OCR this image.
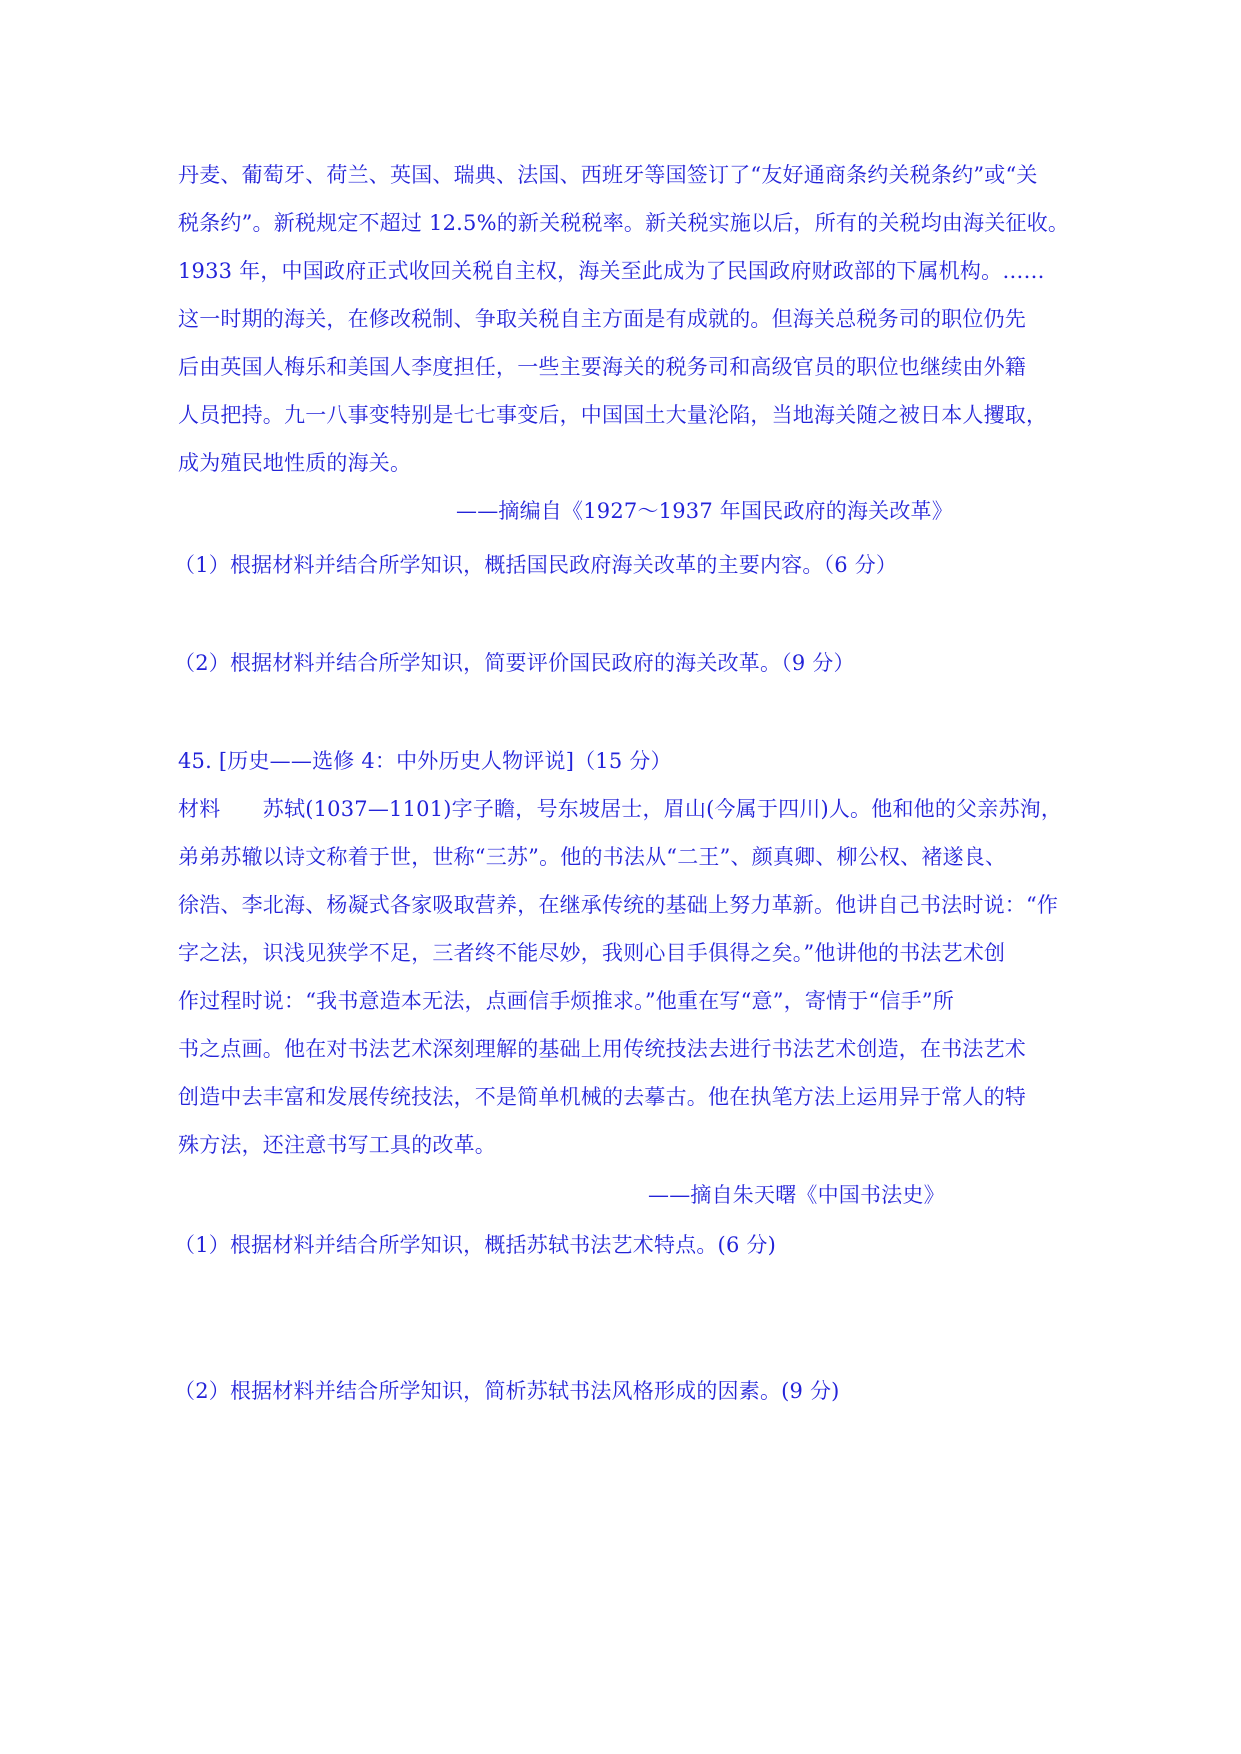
丹麦、葡萄牙、荷兰、英国、瑞典、法国、西班牙等国签订了“友好通商条约关税条约”或“关
税条约”。新税规定不超过 12.5%的新关税税率。新关税实施以后，所有的关税均由海关征收。
1933 年，中国政府正式收回关税自主权，海关至此成为了民国政府财政部的下属机构。……
这一时期的海关，在修改税制、争取关税自主方面是有成就的。但海关总税务司的职位仍先
后由英国人梅乐和美国人李度担任，一些主要海关的税务司和高级官员的职位也继续由外籍
人员把持。九一八事变特别是七七事变后，中国国土大量沦陷，当地海关随之被日本人攫取，
成为殖民地性质的海关。
——摘编自《1927～1937 年国民政府的海关改革》
（1）根据材料并结合所学知识，概括国民政府海关改革的主要内容。（6 分）
（2）根据材料并结合所学知识，简要评价国民政府的海关改革。（9 分）
45. [历史——选修 4：中外历史人物评说]（15 分）
材料　　苏轼(1037—1101)字子瞻，号东坡居士，眉山(今属于四川)人。他和他的父亲苏洵，
弟弟苏辙以诗文称着于世，世称“三苏”。他的书法从“二王”、颜真卿、柳公权、褚遂良、
徐浩、李北海、杨凝式各家吸取营养，在继承传统的基础上努力革新。他讲自己书法时说：“作
字之法，识浅见狭学不足，三者终不能尽妙，我则心目手俱得之矣。”他讲他的书法艺术创
作过程时说：“我书意造本无法，点画信手烦推求。”他重在写“意”，寄情于“信手”所
书之点画。他在对书法艺术深刻理解的基础上用传统技法去进行书法艺术创造，在书法艺术
创造中去丰富和发展传统技法，不是简单机械的去摹古。他在执笔方法上运用异于常人的特
殊方法，还注意书写工具的改革。
——摘自朱天曙《中国书法史》
（1）根据材料并结合所学知识，概括苏轼书法艺术特点。(6 分)
（2）根据材料并结合所学知识，简析苏轼书法风格形成的因素。(9 分)
